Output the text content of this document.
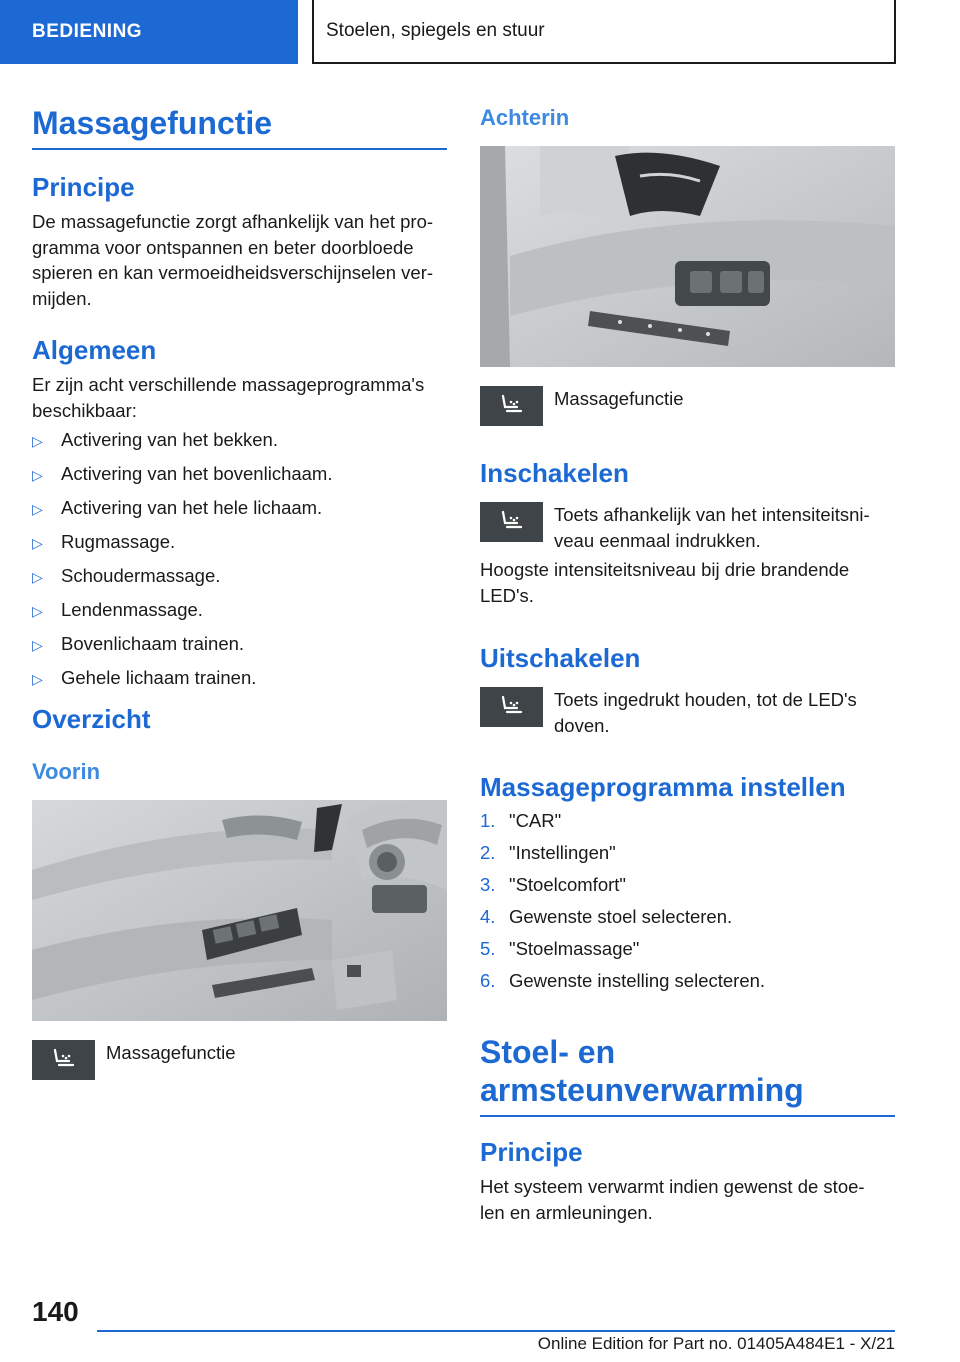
BEDIENING	Stoelen, spiegels en stuur
Massagefunctie
Principe
De massagefunctie zorgt afhankelijk van het pro-
gramma voor ontspannen en beter doorbloede
spieren en kan vermoeidheidsverschijnselen ver-
mijden.
Algemeen
Er zijn acht verschillende massageprogramma's
beschikbaar:
▷ Activering van het bekken.
▷ Activering van het bovenlichaam.
▷ Activering van het hele lichaam.
▷ Rugmassage.
▷ Schoudermassage.
▷ Lendenmassage.
▷ Bovenlichaam trainen.
▷ Gehele lichaam trainen.
Overzicht
Voorin
Massagefunctie
Achterin
Massagefunctie
Inschakelen
Toets afhankelijk van het intensiteitsni-
veau eenmaal indrukken.
Hoogste intensiteitsniveau bij drie brandende
LED's.
Uitschakelen
Toets ingedrukt houden, tot de LED's
doven.
Massageprogramma instellen
1. "CAR"
2. "Instellingen"
3. "Stoelcomfort"
4. Gewenste stoel selecteren.
5. "Stoelmassage"
6. Gewenste instelling selecteren.
Stoel- en
armsteunverwarming
Principe
Het systeem verwarmt indien gewenst de stoe-
len en armleuningen.
140
Online Edition for Part no. 01405A484E1 - X/21
